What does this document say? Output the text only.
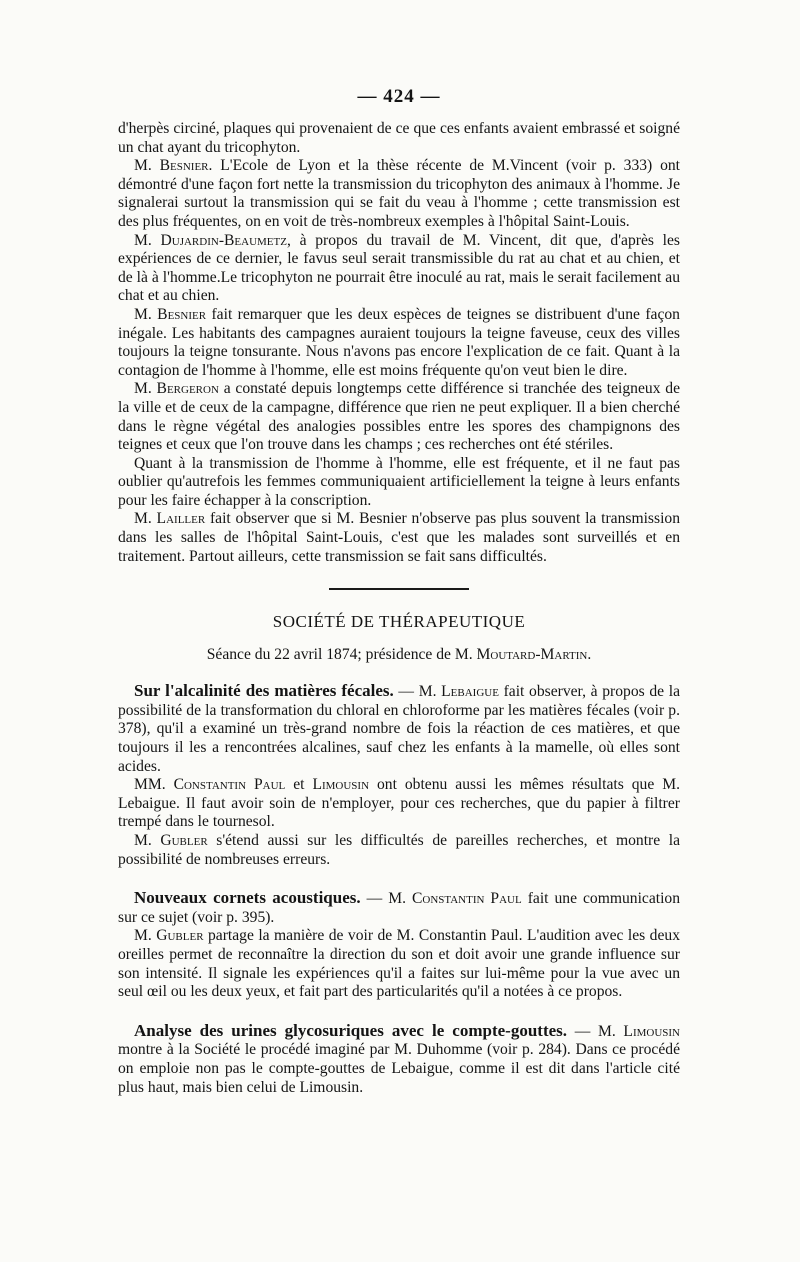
— 424 —

d'herpès circiné, plaques qui provenaient de ce que ces enfants avaient embrassé et soigné un chat ayant du tricophyton.

M. Besnier. L'Ecole de Lyon et la thèse récente de M.Vincent (voir p. 333) ont démontré d'une façon fort nette la transmission du tricophyton des animaux à l'homme. Je signalerai surtout la transmission qui se fait du veau à l'homme ; cette transmission est des plus fréquentes, on en voit de très-nombreux exemples à l'hôpital Saint-Louis.

M. Dujardin-Beaumetz, à propos du travail de M. Vincent, dit que, d'après les expériences de ce dernier, le favus seul serait transmissible du rat au chat et au chien, et de là à l'homme.Le tricophyton ne pourrait être inoculé au rat, mais le serait facilement au chat et au chien.

M. Besnier fait remarquer que les deux espèces de teignes se distribuent d'une façon inégale. Les habitants des campagnes auraient toujours la teigne faveuse, ceux des villes toujours la teigne tonsurante. Nous n'avons pas encore l'explication de ce fait. Quant à la contagion de l'homme à l'homme, elle est moins fréquente qu'on veut bien le dire.

M. Bergeron a constaté depuis longtemps cette différence si tranchée des teigneux de la ville et de ceux de la campagne, différence que rien ne peut expliquer. Il a bien cherché dans le règne végétal des analogies possibles entre les spores des champignons des teignes et ceux que l'on trouve dans les champs ; ces recherches ont été stériles.

Quant à la transmission de l'homme à l'homme, elle est fréquente, et il ne faut pas oublier qu'autrefois les femmes communiquaient artificiellement la teigne à leurs enfants pour les faire échapper à la conscription.

M. Lailler fait observer que si M. Besnier n'observe pas plus souvent la transmission dans les salles de l'hôpital Saint-Louis, c'est que les malades sont surveillés et en traitement. Partout ailleurs, cette transmission se fait sans difficultés.

SOCIÉTÉ DE THÉRAPEUTIQUE
Séance du 22 avril 1874; présidence de M. Moutard-Martin.

Sur l'alcalinité des matières fécales. — M. Lebaigue fait observer, à propos de la possibilité de la transformation du chloral en chloroforme par les matières fécales (voir p. 378), qu'il a examiné un très-grand nombre de fois la réaction de ces matières, et que toujours il les a rencontrées alcalines, sauf chez les enfants à la mamelle, où elles sont acides.

MM. Constantin Paul et Limousin ont obtenu aussi les mêmes résultats que M. Lebaigue. Il faut avoir soin de n'employer, pour ces recherches, que du papier à filtrer trempé dans le tournesol.

M. Gubler s'étend aussi sur les difficultés de pareilles recherches, et montre la possibilité de nombreuses erreurs.

Nouveaux cornets acoustiques. — M. Constantin Paul fait une communication sur ce sujet (voir p. 395).

M. Gubler partage la manière de voir de M. Constantin Paul. L'audition avec les deux oreilles permet de reconnaître la direction du son et doit avoir une grande influence sur son intensité. Il signale les expériences qu'il a faites sur lui-même pour la vue avec un seul œil ou les deux yeux, et fait part des particularités qu'il a notées à ce propos.

Analyse des urines glycosuriques avec le compte-gouttes. — M. Limousin montre à la Société le procédé imaginé par M. Duhomme (voir p. 284). Dans ce procédé on emploie non pas le compte-gouttes de Lebaigue, comme il est dit dans l'article cité plus haut, mais bien celui de Limousin.
